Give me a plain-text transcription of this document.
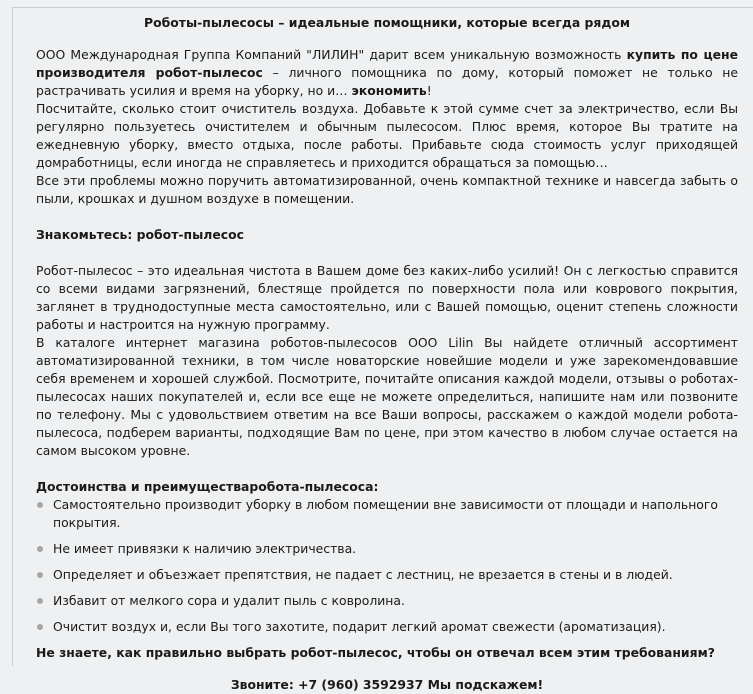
Роботы-пылесосы – идеальные помощники, которые всегда рядом

ООО Международная Группа Компаний "ЛИЛИН" дарит всем уникальную возможность купить по цене производителя робот-пылесос – личного помощника по дому, который поможет не только не растрачивать усилия и время на уборку, но и… экономить!

Посчитайте, сколько стоит очиститель воздуха. Добавьте к этой сумме счет за электричество, если Вы регулярно пользуетесь очистителем и обычным пылесосом. Плюс время, которое Вы тратите на ежедневную уборку, вместо отдыха, после работы. Прибавьте сюда стоимость услуг приходящей домработницы, если иногда не справляетесь и приходится обращаться за помощью…

Все эти проблемы можно поручить автоматизированной, очень компактной технике и навсегда забыть о пыли, крошках и душном воздухе в помещении.

Знакомьтесь: робот-пылесос

Робот-пылесос – это идеальная чистота в Вашем доме без каких-либо усилий! Он с легкостью справится со всеми видами загрязнений, блестяще пройдется по поверхности пола или коврового покрытия, заглянет в труднодоступные места самостоятельно, или с Вашей помощью, оценит степень сложности работы и настроится на нужную программу.

В каталоге интернет магазина роботов-пылесосов ООО Lilin Вы найдете отличный ассортимент автоматизированной техники, в том числе новаторские новейшие модели и уже зарекомендовавшие себя временем и хорошей службой. Посмотрите, почитайте описания каждой модели, отзывы о роботах-пылесосах наших покупателей и, если все еще не можете определиться, напишите нам или позвоните по телефону. Мы с удовольствием ответим на все Ваши вопросы, расскажем о каждой модели робота-пылесоса, подберем варианты, подходящие Вам по цене, при этом качество в любом случае остается на самом высоком уровне.

Достоинства и преимуществаробота-пылесоса:
Самостоятельно производит уборку в любом помещении вне зависимости от площади и напольного покрытия.
Не имеет привязки к наличию электричества.
Определяет и объезжает препятствия, не падает с лестниц, не врезается в стены и в людей.
Избавит от мелкого сора и удалит пыль с ковролина.
Очистит воздух и, если Вы того захотите, подарит легкий аромат свежести (ароматизация).
Не знаете, как правильно выбрать робот-пылесос, чтобы он отвечал всем этим требованиям?
Звоните: +7 (960) 3592937 Мы подскажем!
